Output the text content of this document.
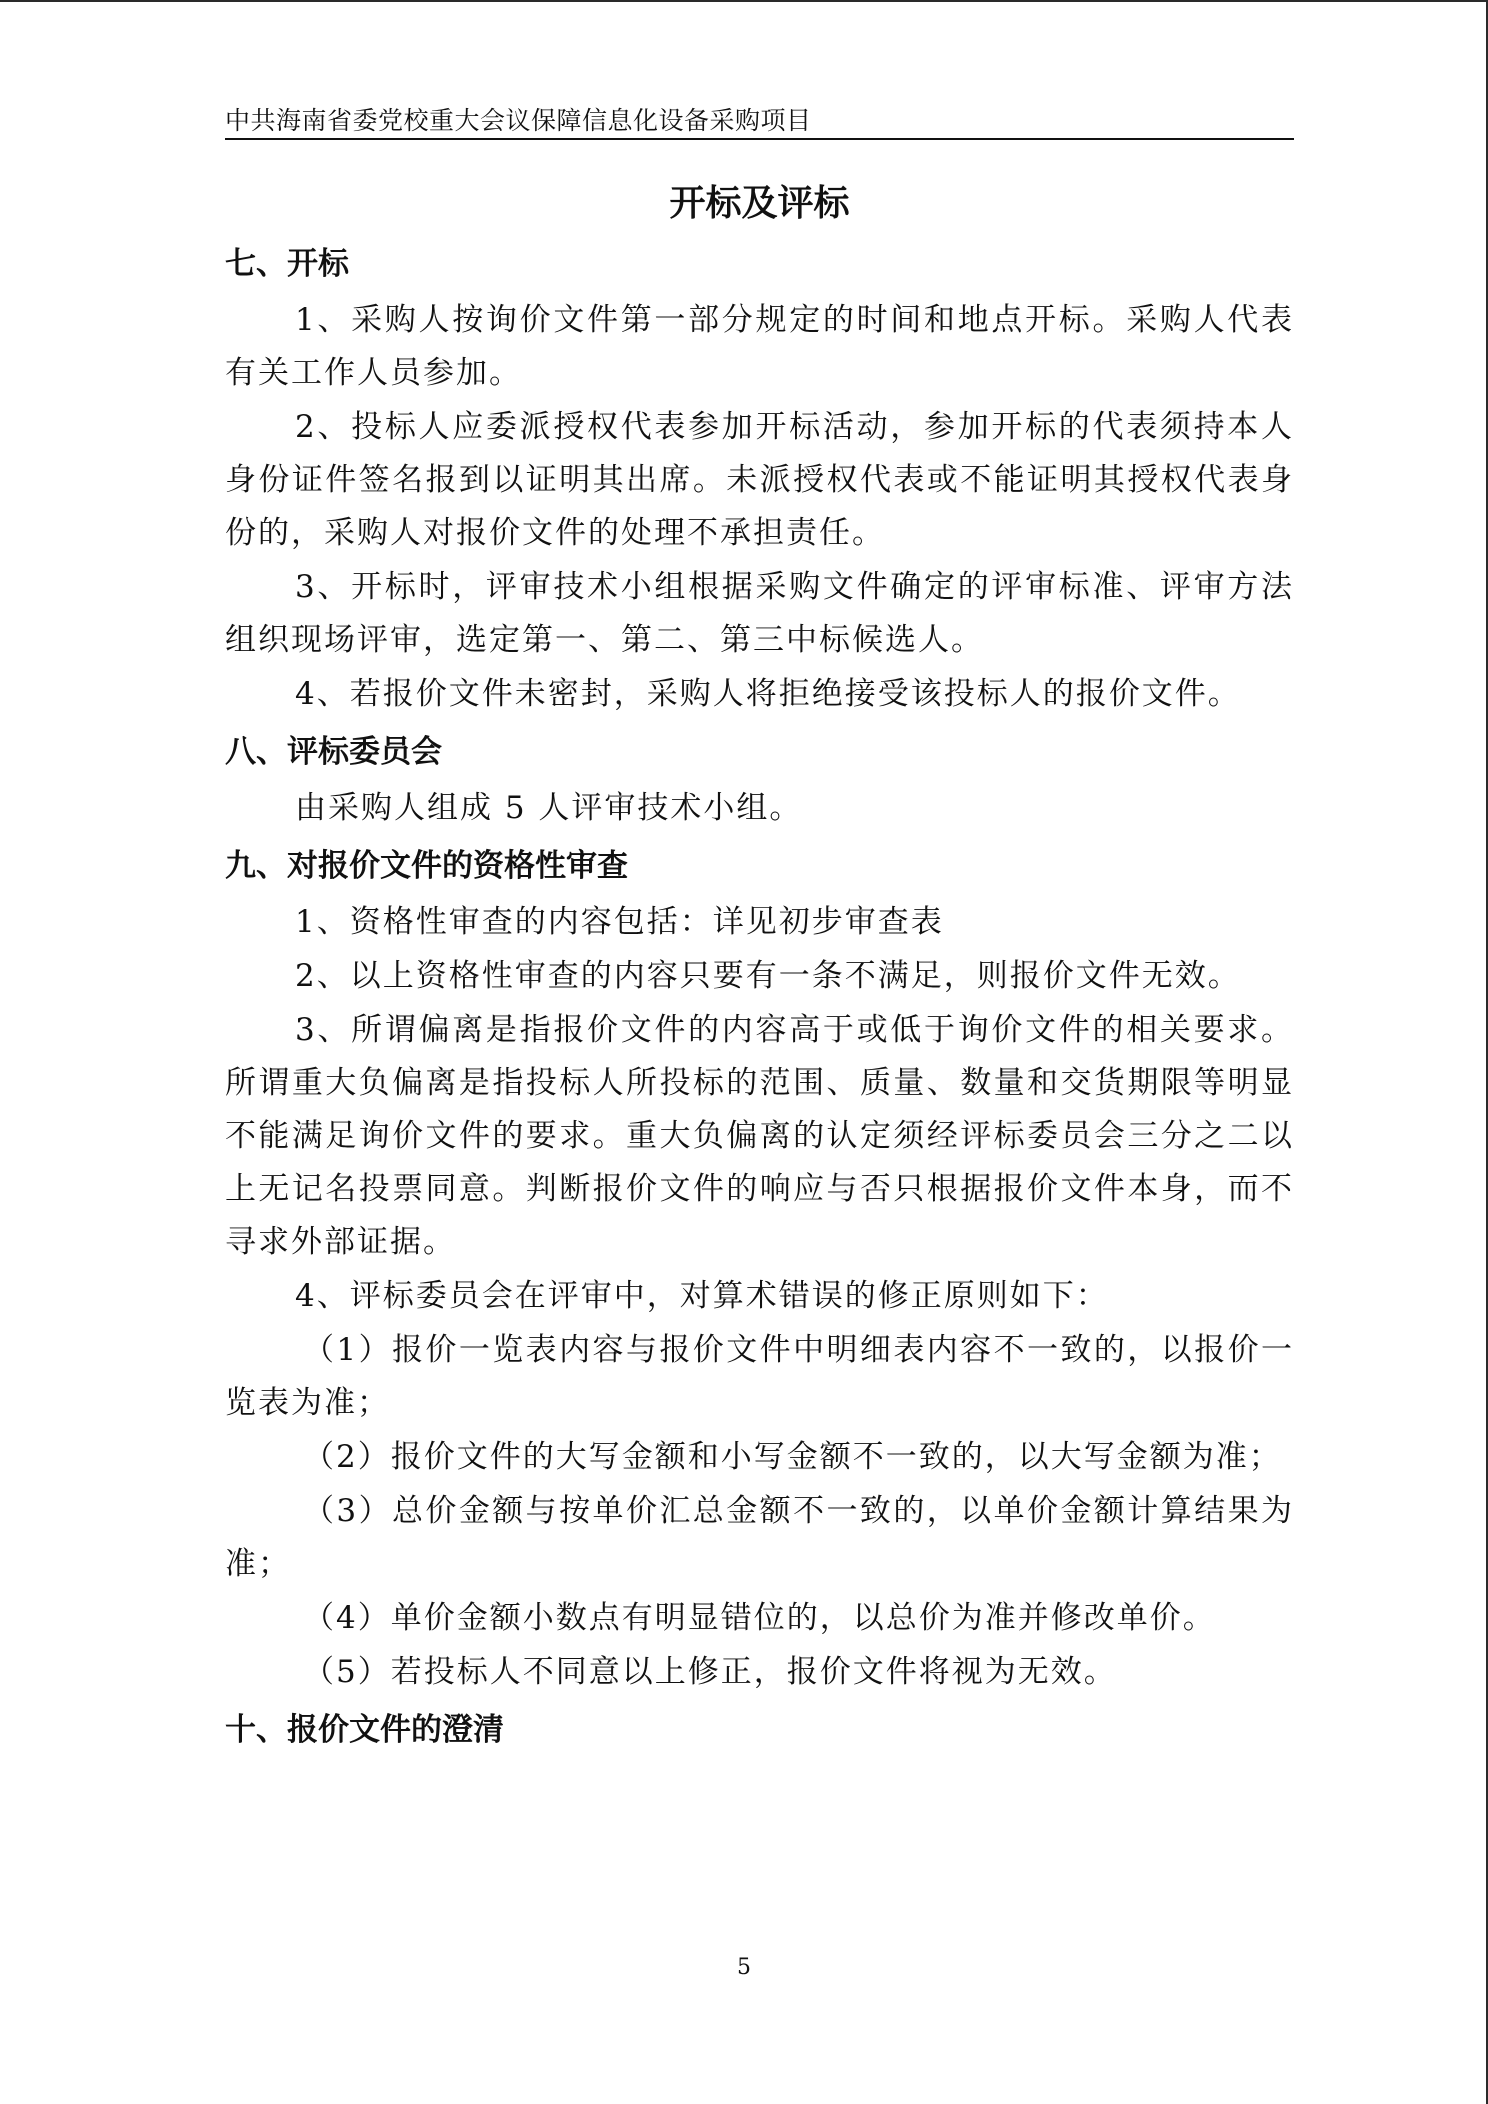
中共海南省委党校重大会议保障信息化设备采购项目
开标及评标
七、开标
1、采购人按询价文件第一部分规定的时间和地点开标。采购人代表有关工作人员参加。
2、投标人应委派授权代表参加开标活动，参加开标的代表须持本人身份证件签名报到以证明其出席。未派授权代表或不能证明其授权代表身份的，采购人对报价文件的处理不承担责任。
3、开标时，评审技术小组根据采购文件确定的评审标准、评审方法组织现场评审，选定第一、第二、第三中标候选人。
4、若报价文件未密封，采购人将拒绝接受该投标人的报价文件。
八、评标委员会
由采购人组成 5 人评审技术小组。
九、对报价文件的资格性审查
1、资格性审查的内容包括：详见初步审查表
2、以上资格性审查的内容只要有一条不满足，则报价文件无效。
3、所谓偏离是指报价文件的内容高于或低于询价文件的相关要求。所谓重大负偏离是指投标人所投标的范围、质量、数量和交货期限等明显不能满足询价文件的要求。重大负偏离的认定须经评标委员会三分之二以上无记名投票同意。判断报价文件的响应与否只根据报价文件本身，而不寻求外部证据。
4、评标委员会在评审中，对算术错误的修正原则如下：
（1）报价一览表内容与报价文件中明细表内容不一致的，以报价一览表为准；
（2）报价文件的大写金额和小写金额不一致的，以大写金额为准；
（3）总价金额与按单价汇总金额不一致的，以单价金额计算结果为准；
（4）单价金额小数点有明显错位的，以总价为准并修改单价。
（5）若投标人不同意以上修正，报价文件将视为无效。
十、报价文件的澄清
5
